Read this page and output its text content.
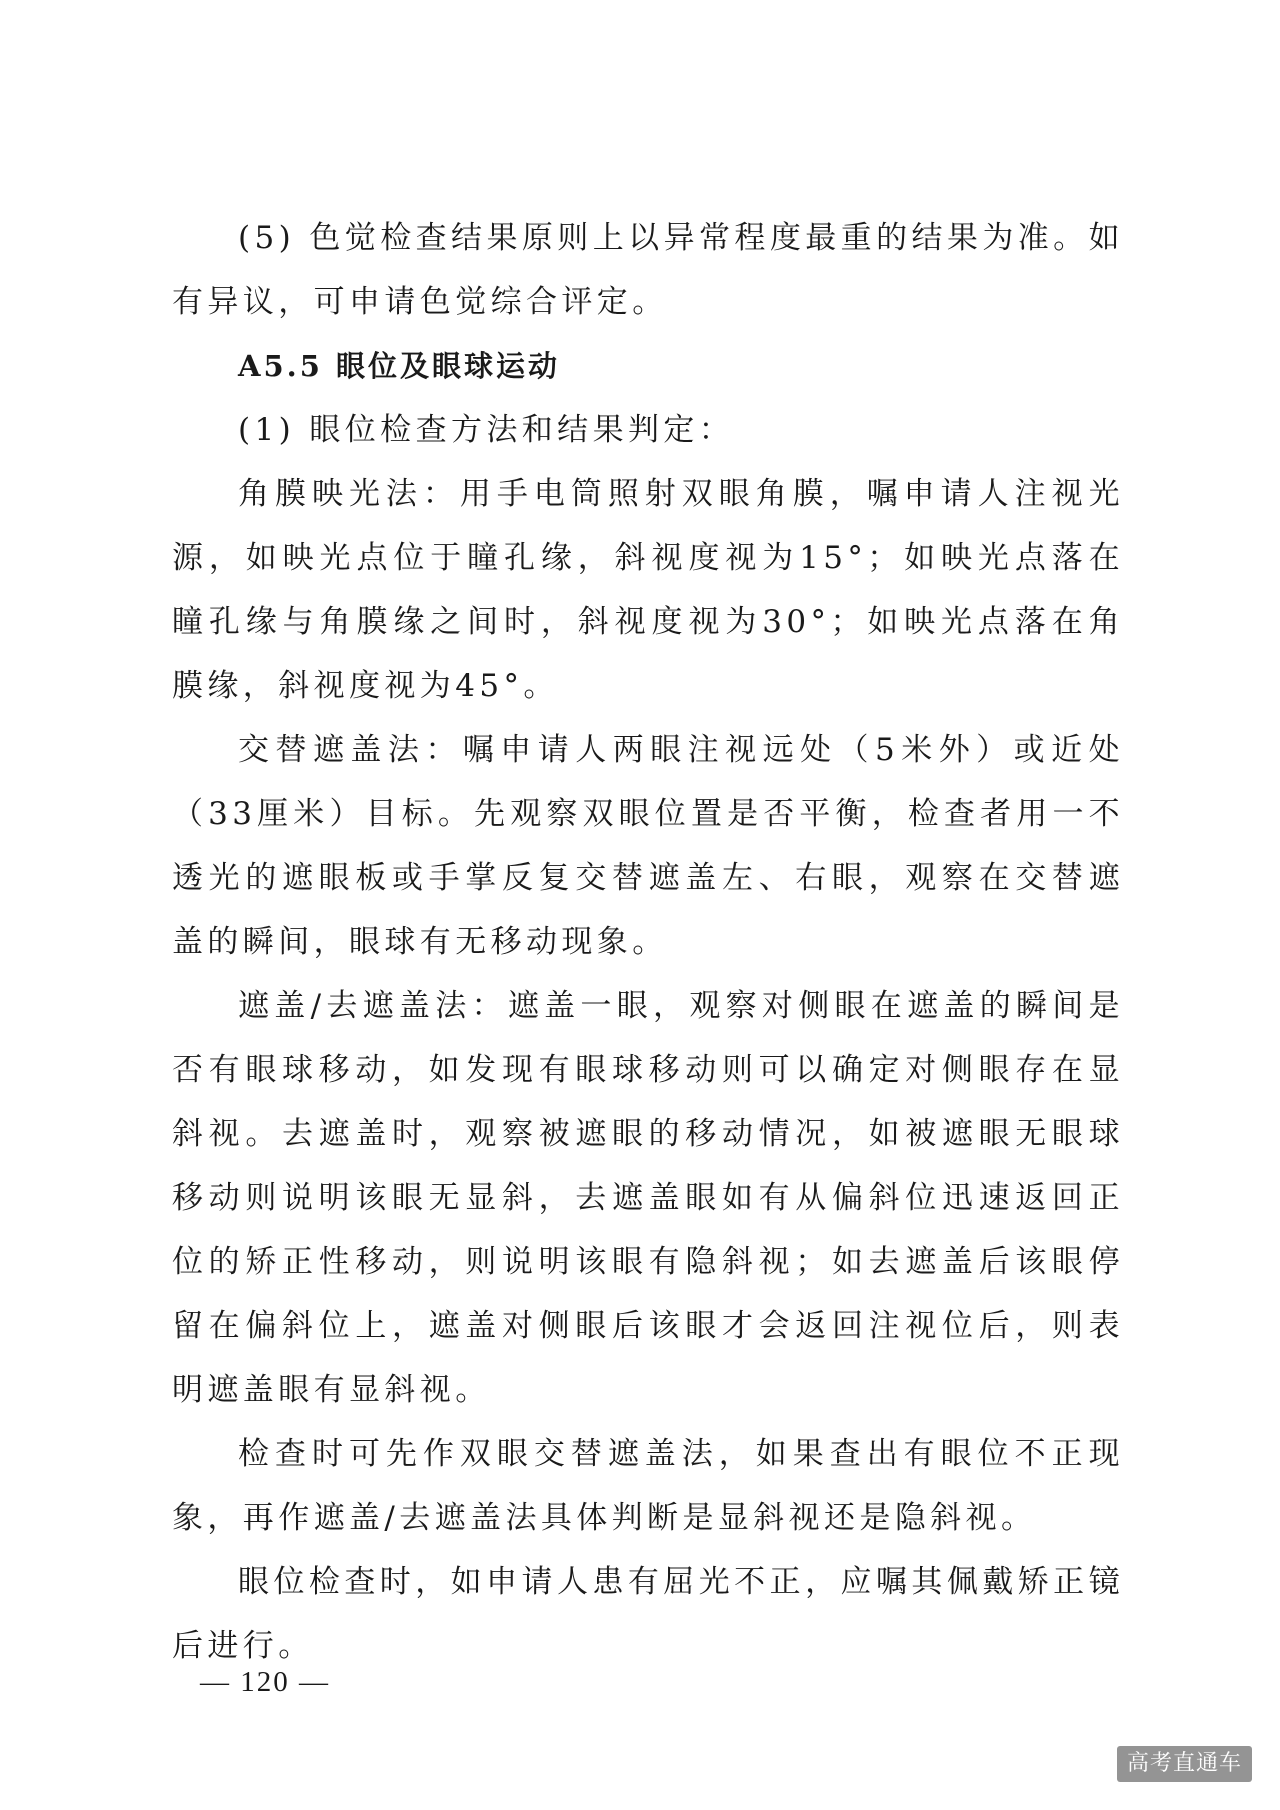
(5) 色觉检查结果原则上以异常程度最重的结果为准。如有异议，可申请色觉综合评定。

A5.5 眼位及眼球运动

(1) 眼位检查方法和结果判定：

角膜映光法：用手电筒照射双眼角膜，嘱申请人注视光源，如映光点位于瞳孔缘，斜视度视为15°；如映光点落在瞳孔缘与角膜缘之间时，斜视度视为30°；如映光点落在角膜缘，斜视度视为45°。

交替遮盖法：嘱申请人两眼注视远处（5米外）或近处（33厘米）目标。先观察双眼位置是否平衡，检查者用一不透光的遮眼板或手掌反复交替遮盖左、右眼，观察在交替遮盖的瞬间，眼球有无移动现象。

遮盖/去遮盖法：遮盖一眼，观察对侧眼在遮盖的瞬间是否有眼球移动，如发现有眼球移动则可以确定对侧眼存在显斜视。去遮盖时，观察被遮眼的移动情况，如被遮眼无眼球移动则说明该眼无显斜，去遮盖眼如有从偏斜位迅速返回正位的矫正性移动，则说明该眼有隐斜视；如去遮盖后该眼停留在偏斜位上，遮盖对侧眼后该眼才会返回注视位后，则表明遮盖眼有显斜视。

检查时可先作双眼交替遮盖法，如果查出有眼位不正现象，再作遮盖/去遮盖法具体判断是显斜视还是隐斜视。

眼位检查时，如申请人患有屈光不正，应嘱其佩戴矫正镜后进行。

— 120 —
高考直通车
